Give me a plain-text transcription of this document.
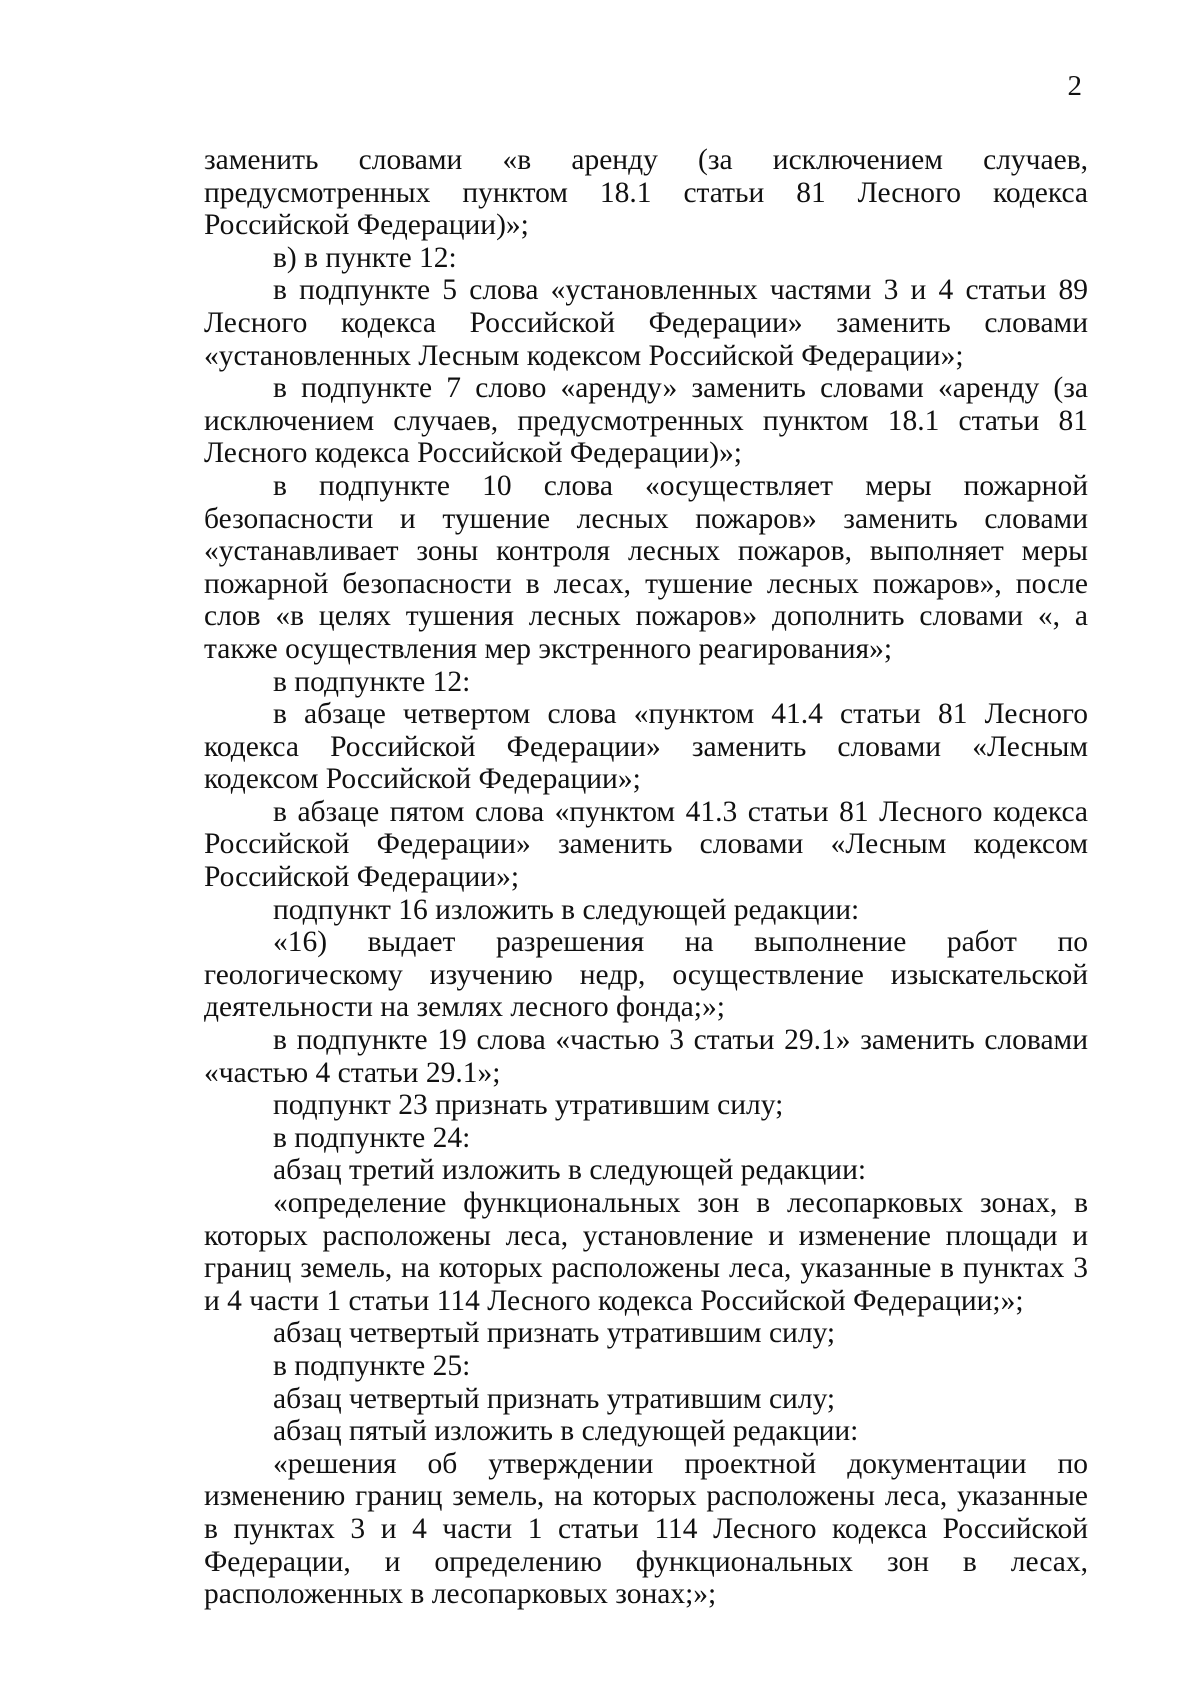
2

заменить словами «в аренду (за исключением случаев, предусмотренных пунктом 18.1 статьи 81 Лесного кодекса Российской Федерации)»;

в) в пункте 12:

в подпункте 5 слова «установленных частями 3 и 4 статьи 89 Лесного кодекса Российской Федерации» заменить словами «установленных Лесным кодексом Российской Федерации»;

в подпункте 7 слово «аренду» заменить словами «аренду (за исключением случаев, предусмотренных пунктом 18.1 статьи 81 Лесного кодекса Российской Федерации)»;

в подпункте 10 слова «осуществляет меры пожарной безопасности и тушение лесных пожаров» заменить словами «устанавливает зоны контроля лесных пожаров, выполняет меры пожарной безопасности в лесах, тушение лесных пожаров», после слов «в целях тушения лесных пожаров» дополнить словами «, а также осуществления мер экстренного реагирования»;

в подпункте 12:

в абзаце четвертом слова «пунктом 41.4 статьи 81 Лесного кодекса Российской Федерации» заменить словами «Лесным кодексом Российской Федерации»;

в абзаце пятом слова «пунктом 41.3 статьи 81 Лесного кодекса Российской Федерации» заменить словами «Лесным кодексом Российской Федерации»;

подпункт 16 изложить в следующей редакции:

«16) выдает разрешения на выполнение работ по геологическому изучению недр, осуществление изыскательской деятельности на землях лесного фонда;»;

в подпункте 19 слова «частью 3 статьи 29.1» заменить словами «частью 4 статьи 29.1»;

подпункт 23 признать утратившим силу;

в подпункте 24:

абзац третий изложить в следующей редакции:

«определение функциональных зон в лесопарковых зонах, в которых расположены леса, установление и изменение площади и границ земель, на которых расположены леса, указанные в пунктах 3 и 4 части 1 статьи 114 Лесного кодекса Российской Федерации;»;

абзац четвертый признать утратившим силу;

в подпункте 25:

абзац четвертый признать утратившим силу;

абзац пятый изложить в следующей редакции:

«решения об утверждении проектной документации по изменению границ земель, на которых расположены леса, указанные в пунктах 3 и 4 части 1 статьи 114 Лесного кодекса Российской Федерации, и определению функциональных зон в лесах, расположенных в лесопарковых зонах;»;
